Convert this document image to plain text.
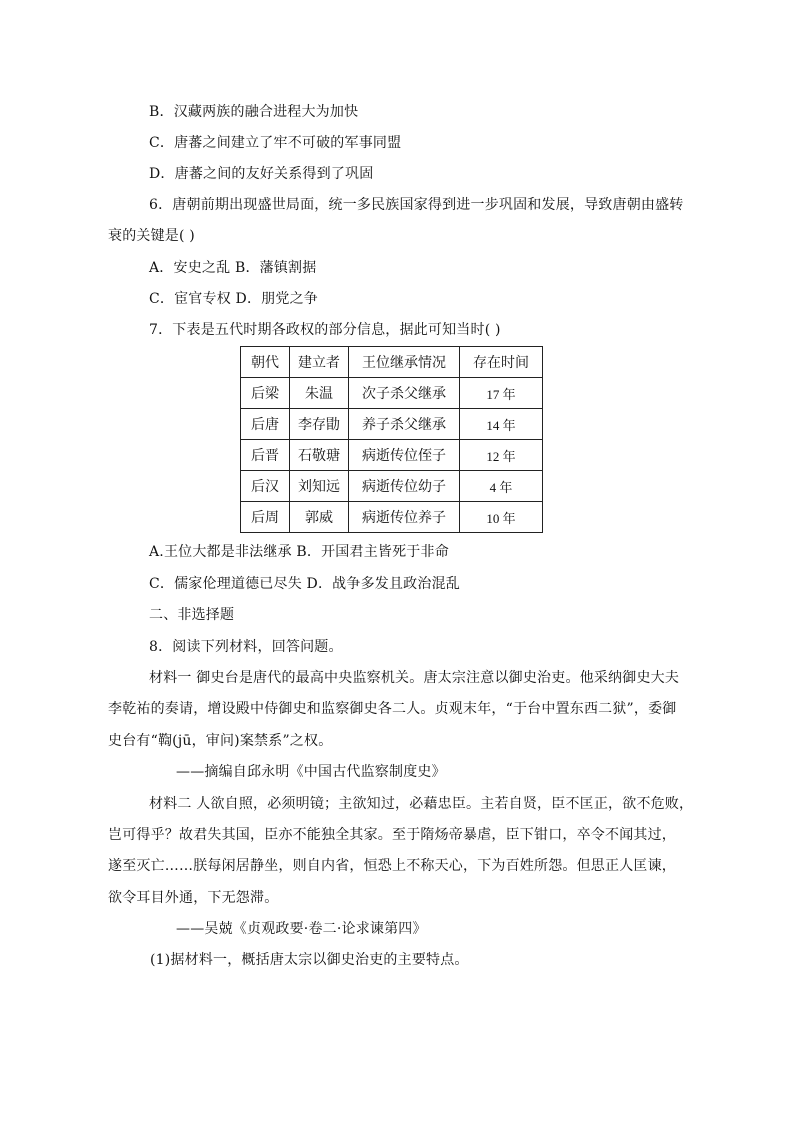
B．汉藏两族的融合进程大为加快
C．唐蕃之间建立了牢不可破的军事同盟
D．唐蕃之间的友好关系得到了巩固
6．唐朝前期出现盛世局面，统一多民族国家得到进一步巩固和发展，导致唐朝由盛转
衰的关键是( )
A．安史之乱 B．藩镇割据
C．宦官专权 D．朋党之争
7．下表是五代时期各政权的部分信息，据此可知当时( )
朝代	建立者	王位继承情况	存在时间
后梁	朱温	次子杀父继承	17 年
后唐	李存勖	养子杀父继承	14 年
后晋	石敬瑭	病逝传位侄子	12 年
后汉	刘知远	病逝传位幼子	4 年
后周	郭威	病逝传位养子	10 年
A.王位大都是非法继承 B．开国君主皆死于非命
C．儒家伦理道德已尽失 D．战争多发且政治混乱
二、非选择题
8．阅读下列材料，回答问题。
材料一 御史台是唐代的最高中央监察机关。唐太宗注意以御史治吏。他采纳御史大夫
李乾祐的奏请，增设殿中侍御史和监察御史各二人。贞观末年，“于台中置东西二狱”，委御
史台有“鞫(jū，审问)案禁系”之权。
——摘编自邱永明《中国古代监察制度史》
材料二 人欲自照，必须明镜；主欲知过，必藉忠臣。主若自贤，臣不匡正，欲不危败，
岂可得乎？故君失其国，臣亦不能独全其家。至于隋炀帝暴虐，臣下钳口，卒令不闻其过，
遂至灭亡……朕每闲居静坐，则自内省，恒恐上不称天心，下为百姓所怨。但思正人匡谏，
欲令耳目外通，下无怨滞。
——吴兢《贞观政要·卷二·论求谏第四》
(1)据材料一，概括唐太宗以御史治吏的主要特点。
